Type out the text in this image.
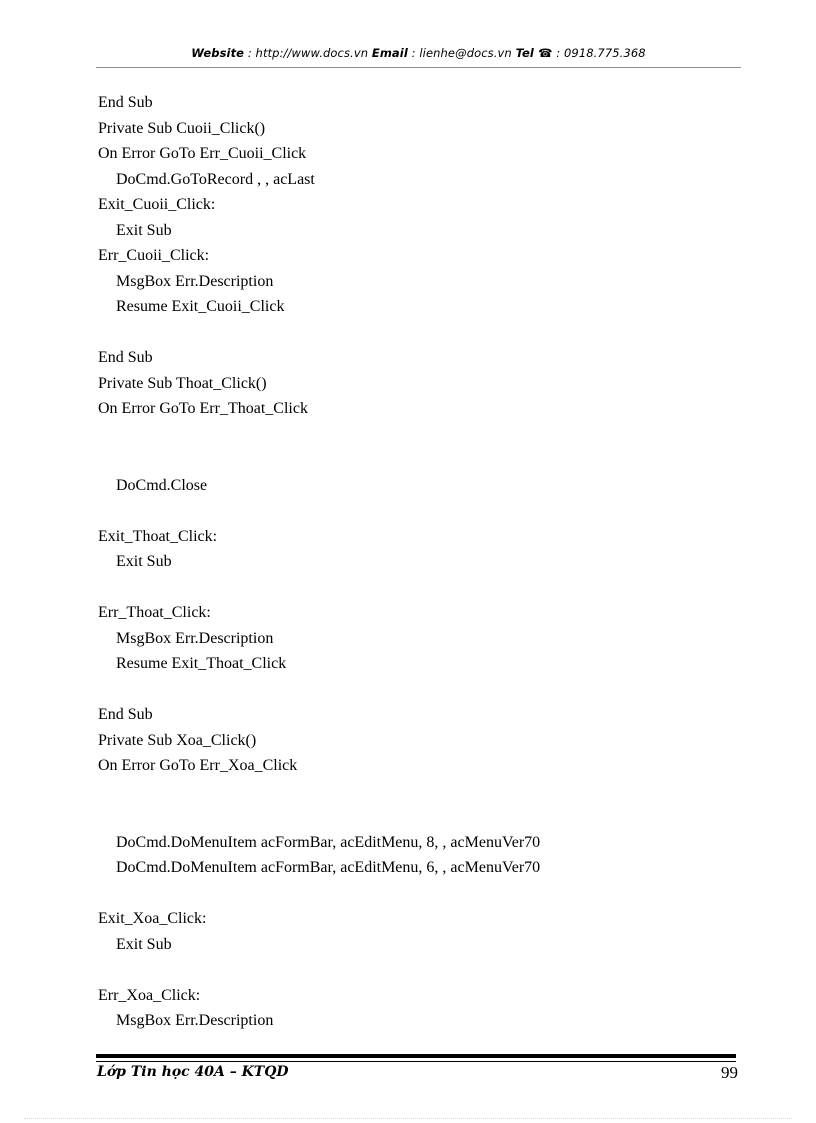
Website : http://www.docs.vn Email : lienhe@docs.vn Tel ☎ : 0918.775.368
End Sub
Private Sub Cuoii_Click()
On Error GoTo Err_Cuoii_Click
DoCmd.GoToRecord , , acLast
Exit_Cuoii_Click:
Exit Sub
Err_Cuoii_Click:
MsgBox Err.Description
Resume Exit_Cuoii_Click
End Sub
Private Sub Thoat_Click()
On Error GoTo Err_Thoat_Click
DoCmd.Close
Exit_Thoat_Click:
Exit Sub
Err_Thoat_Click:
MsgBox Err.Description
Resume Exit_Thoat_Click
End Sub
Private Sub Xoa_Click()
On Error GoTo Err_Xoa_Click
DoCmd.DoMenuItem acFormBar, acEditMenu, 8, , acMenuVer70
DoCmd.DoMenuItem acFormBar, acEditMenu, 6, , acMenuVer70
Exit_Xoa_Click:
Exit Sub
Err_Xoa_Click:
MsgBox Err.Description
Lớp Tin học 40A – KTQD	99
